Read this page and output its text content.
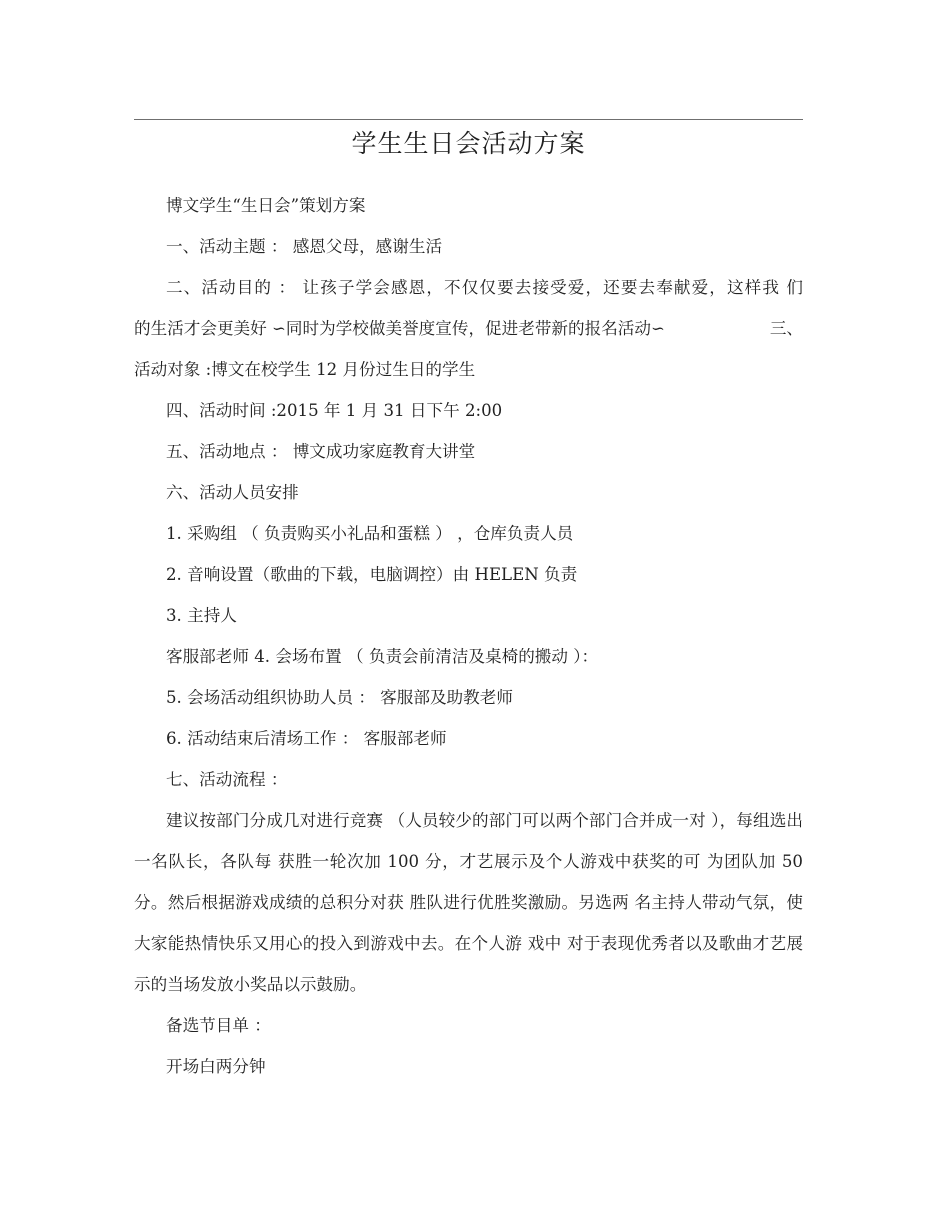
学生生日会活动方案

博文学生“生日会”策划方案

一、活动主题 ： 感恩父母，感谢生活

二、活动目的 ： 让孩子学会感恩，不仅仅要去接受爱，还要去奉献爱，这样我 们

的生活才会更美好 ∽同时为学校做美誉度宣传，促进老带新的报名活动∽	三、

活动对象 :博文在校学生 12 月份过生日的学生

四、活动时间 :2015 年 1 月 31 日下午 2:00

五、活动地点 ： 博文成功家庭教育大讲堂

六、活动人员安排

1. 采购组 （ 负责购买小礼品和蛋糕 ） ，仓库负责人员

2. 音响设置（歌曲的下载，电脑调控）由 HELEN 负责

3. 主持人

客服部老师 4. 会场布置 （ 负责会前清洁及桌椅的搬动 ）：

5. 会场活动组织协助人员 ： 客服部及助教老师

6. 活动结束后清场工作 ： 客服部老师

七、活动流程 ：

建议按部门分成几对进行竞赛 （人员较少的部门可以两个部门合并成一对 ），每组选出一名队长，各队每 获胜一轮次加 100 分，才艺展示及个人游戏中获奖的可 为团队加 50 分。然后根据游戏成绩的总积分对获 胜队进行优胜奖激励。另选两 名主持人带动气氛，使大家能热情快乐又用心的投入到游戏中去。在个人游 戏中 对于表现优秀者以及歌曲才艺展示的当场发放小奖品以示鼓励。

备选节目单 ：

开场白两分钟
